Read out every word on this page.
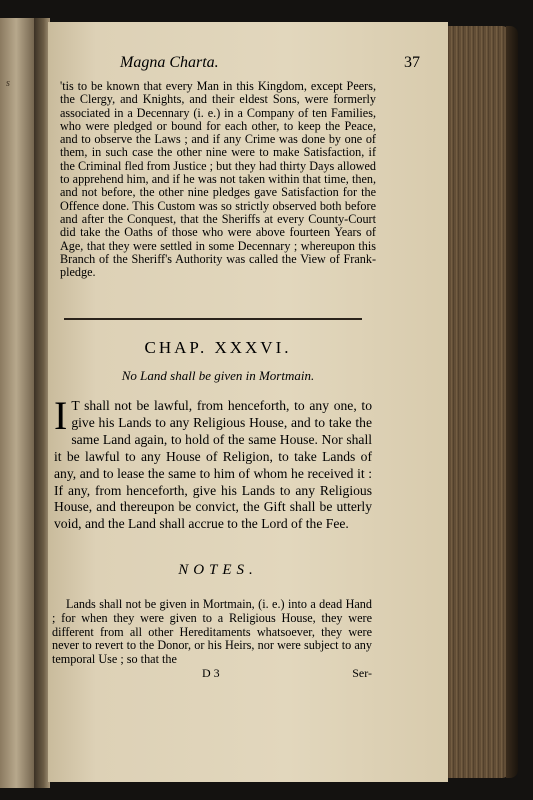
s
Magna Charta.	37
'tis to be known that every Man in this Kingdom, except Peers, the Clergy, and Knights, and their eldest Sons, were formerly associated in a Decennary (i. e.) in a Company of ten Families, who were pledged or bound for each other, to keep the Peace, and to observe the Laws ; and if any Crime was done by one of them, in such case the other nine were to make Satisfaction, if the Criminal fled from Justice ; but they had thirty Days allowed to apprehend him, and if he was not taken within that time, then, and not before, the other nine pledges gave Satisfaction for the Offence done. This Custom was so strictly observed both before and after the Conquest, that the Sheriffs at every County-Court did take the Oaths of those who were above fourteen Years of Age, that they were settled in some Decennary ; whereupon this Branch of the Sheriff's Authority was called the View of Frank-pledge.
CHAP. XXXVI.
No Land shall be given in Mortmain.
I T shall not be lawful, from henceforth, to any one, to give his Lands to any Religious House, and to take the same Land again, to hold of the same House. Nor shall it be lawful to any House of Religion, to take Lands of any, and to lease the same to him of whom he received it : If any, from henceforth, give his Lands to any Religious House, and thereupon be convict, the Gift shall be utterly void, and the Land shall accrue to the Lord of the Fee.
NOTES.
Lands shall not be given in Mortmain, (i. e.) into a dead Hand ; for when they were given to a Religious House, they were different from all other Hereditaments whatsoever, they were never to revert to the Donor, or his Heirs, nor were subject to any temporal Use ; so that the
D 3	Ser-
